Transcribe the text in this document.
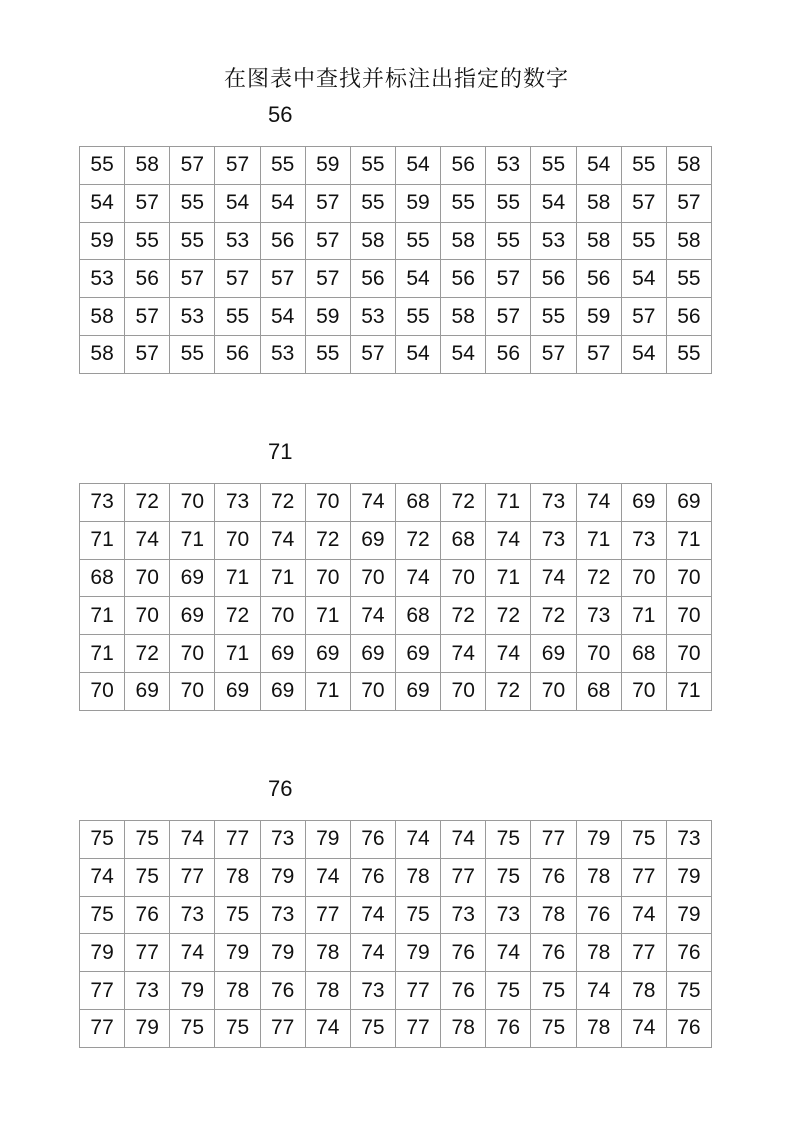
在图表中查找并标注出指定的数字
56
55	58	57	57	55	59	55	54	56	53	55	54	55	58
54	57	55	54	54	57	55	59	55	55	54	58	57	57
59	55	55	53	56	57	58	55	58	55	53	58	55	58
53	56	57	57	57	57	56	54	56	57	56	56	54	55
58	57	53	55	54	59	53	55	58	57	55	59	57	56
58	57	55	56	53	55	57	54	54	56	57	57	54	55
71
73	72	70	73	72	70	74	68	72	71	73	74	69	69
71	74	71	70	74	72	69	72	68	74	73	71	73	71
68	70	69	71	71	70	70	74	70	71	74	72	70	70
71	70	69	72	70	71	74	68	72	72	72	73	71	70
71	72	70	71	69	69	69	69	74	74	69	70	68	70
70	69	70	69	69	71	70	69	70	72	70	68	70	71
76
75	75	74	77	73	79	76	74	74	75	77	79	75	73
74	75	77	78	79	74	76	78	77	75	76	78	77	79
75	76	73	75	73	77	74	75	73	73	78	76	74	79
79	77	74	79	79	78	74	79	76	74	76	78	77	76
77	73	79	78	76	78	73	77	76	75	75	74	78	75
77	79	75	75	77	74	75	77	78	76	75	78	74	76
